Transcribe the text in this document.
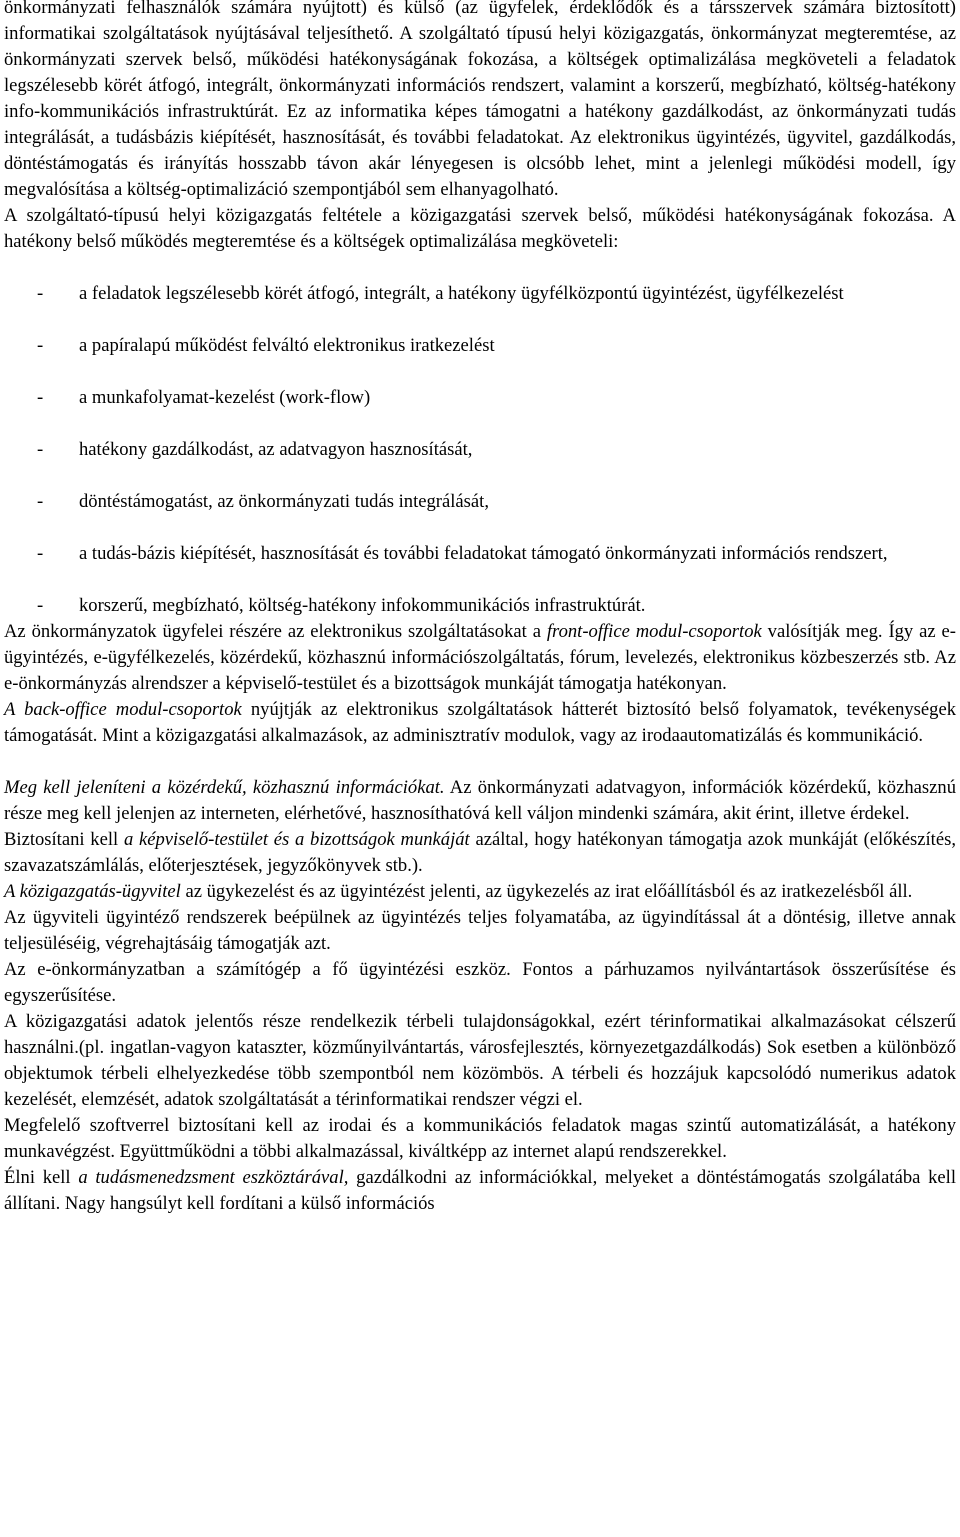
önkormányzati felhasználók számára nyújtott) és külső (az ügyfelek, érdeklődők és a társszervek számára biztosított) informatikai szolgáltatások nyújtásával teljesíthető. A szolgáltató típusú helyi közigazgatás, önkormányzat megteremtése, az önkormányzati szervek belső, működési hatékonyságának fokozása, a költségek optimalizálása megköveteli a feladatok legszélesebb körét átfogó, integrált, önkormányzati információs rendszert, valamint a korszerű, megbízható, költség-hatékony info-kommunikációs infrastruktúrát. Ez az informatika képes támogatni a hatékony gazdálkodást, az önkormányzati tudás integrálását, a tudásbázis kiépítését, hasznosítását, és további feladatokat. Az elektronikus ügyintézés, ügyvitel, gazdálkodás, döntéstámogatás és irányítás hosszabb távon akár lényegesen is olcsóbb lehet, mint a jelenlegi működési modell, így megvalósítása a költség-optimalizáció szempontjából sem elhanyagolható.

A szolgáltató-típusú helyi közigazgatás feltétele a közigazgatási szervek belső, működési hatékonyságának fokozása. A hatékony belső működés megteremtése és a költségek optimalizálása megköveteli:

- a feladatok legszélesebb körét átfogó, integrált, a hatékony ügyfélközpontú ügyintézést, ügyfélkezelést
- a papíralapú működést felváltó elektronikus iratkezelést
- a munkafolyamat-kezelést (work-flow)
- hatékony gazdálkodást, az adatvagyon hasznosítását,
- döntéstámogatást, az önkormányzati tudás integrálását,
- a tudás-bázis kiépítését, hasznosítását és további feladatokat támogató önkormányzati információs rendszert,
- korszerű, megbízható, költség-hatékony infokommunikációs infrastruktúrát.

Az önkormányzatok ügyfelei részére az elektronikus szolgáltatásokat a front-office modul-csoportok valósítják meg. Így az e-ügyintézés, e-ügyfélkezelés, közérdekű, közhasznú információszolgáltatás, fórum, levelezés, elektronikus közbeszerzés stb. Az e-önkormányzás alrendszer a képviselő-testület és a bizottságok munkáját támogatja hatékonyan.

A back-office modul-csoportok nyújtják az elektronikus szolgáltatások hátterét biztosító belső folyamatok, tevékenységek támogatását. Mint a közigazgatási alkalmazások, az adminisztratív modulok, vagy az irodaautomatizálás és kommunikáció.

Meg kell jeleníteni a közérdekű, közhasznú információkat. Az önkormányzati adatvagyon, információk közérdekű, közhasznú része meg kell jelenjen az interneten, elérhetővé, hasznosíthatóvá kell váljon mindenki számára, akit érint, illetve érdekel.

Biztosítani kell a képviselő-testület és a bizottságok munkáját azáltal, hogy hatékonyan támogatja azok munkáját (előkészítés, szavazatszámlálás, előterjesztések, jegyzőkönyvek stb.).

A közigazgatás-ügyvitel az ügykezelést és az ügyintézést jelenti, az ügykezelés az irat előállításból és az iratkezelésből áll.

Az ügyviteli ügyintéző rendszerek beépülnek az ügyintézés teljes folyamatába, az ügyindítással át a döntésig, illetve annak teljesüléséig, végrehajtásáig támogatják azt.

Az e-önkormányzatban a számítógép a fő ügyintézési eszköz. Fontos a párhuzamos nyilvántartások összerűsítése és egyszerűsítése.

A közigazgatási adatok jelentős része rendelkezik térbeli tulajdonságokkal, ezért térinformatikai alkalmazásokat célszerű használni.(pl. ingatlan-vagyon kataszter, közműnyilvántartás, városfejlesztés, környezetgazdálkodás) Sok esetben a különböző objektumok térbeli elhelyezkedése több szempontból nem közömbös. A térbeli és hozzájuk kapcsolódó numerikus adatok kezelését, elemzését, adatok szolgáltatását a térinformatikai rendszer végzi el.

Megfelelő szoftverrel biztosítani kell az irodai és a kommunikációs feladatok magas szintű automatizálását, a hatékony munkavégzést. Együttműködni a többi alkalmazással, kiváltképp az internet alapú rendszerekkel.

Élni kell a tudásmenedzsment eszköztárával, gazdálkodni az információkkal, melyeket a döntéstámogatás szolgálatába kell állítani. Nagy hangsúlyt kell fordítani a külső információs
